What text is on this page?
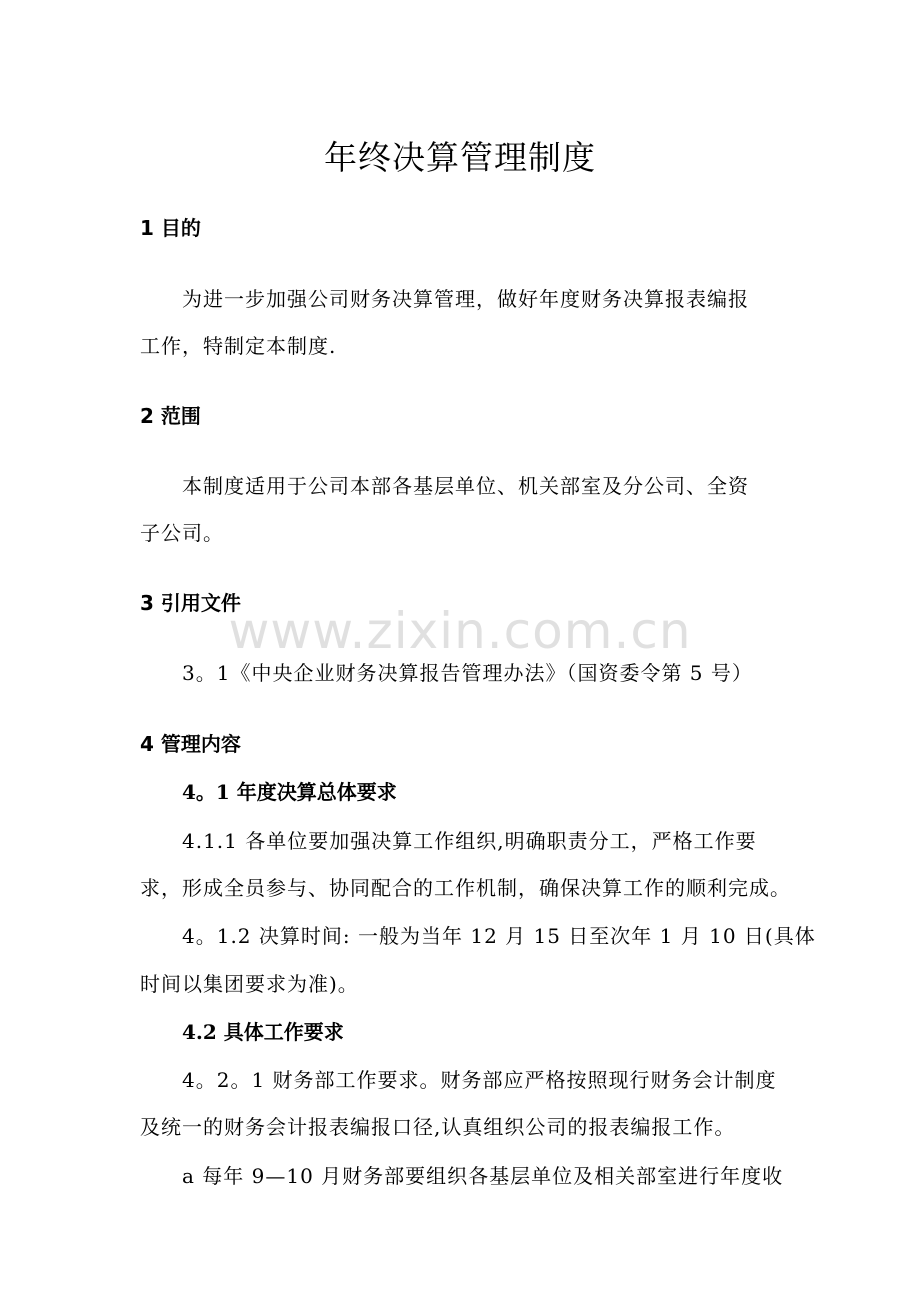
年终决算管理制度
1 目的
为进一步加强公司财务决算管理，做好年度财务决算报表编报
工作，特制定本制度.
2 范围
本制度适用于公司本部各基层单位、机关部室及分公司、全资
子公司。
3 引用文件
3。1《中央企业财务决算报告管理办法》（国资委令第 5 号）
4 管理内容
4。1 年度决算总体要求
4.1.1 各单位要加强决算工作组织,明确职责分工，严格工作要
求，形成全员参与、协同配合的工作机制，确保决算工作的顺利完成。
4。1.2 决算时间: 一般为当年 12 月 15 日至次年 1 月 10 日(具体
时间以集团要求为准)。
4.2 具体工作要求
4。2。1 财务部工作要求。财务部应严格按照现行财务会计制度
及统一的财务会计报表编报口径,认真组织公司的报表编报工作。
a 每年 9—10 月财务部要组织各基层单位及相关部室进行年度收
www.zixin.com.cn
